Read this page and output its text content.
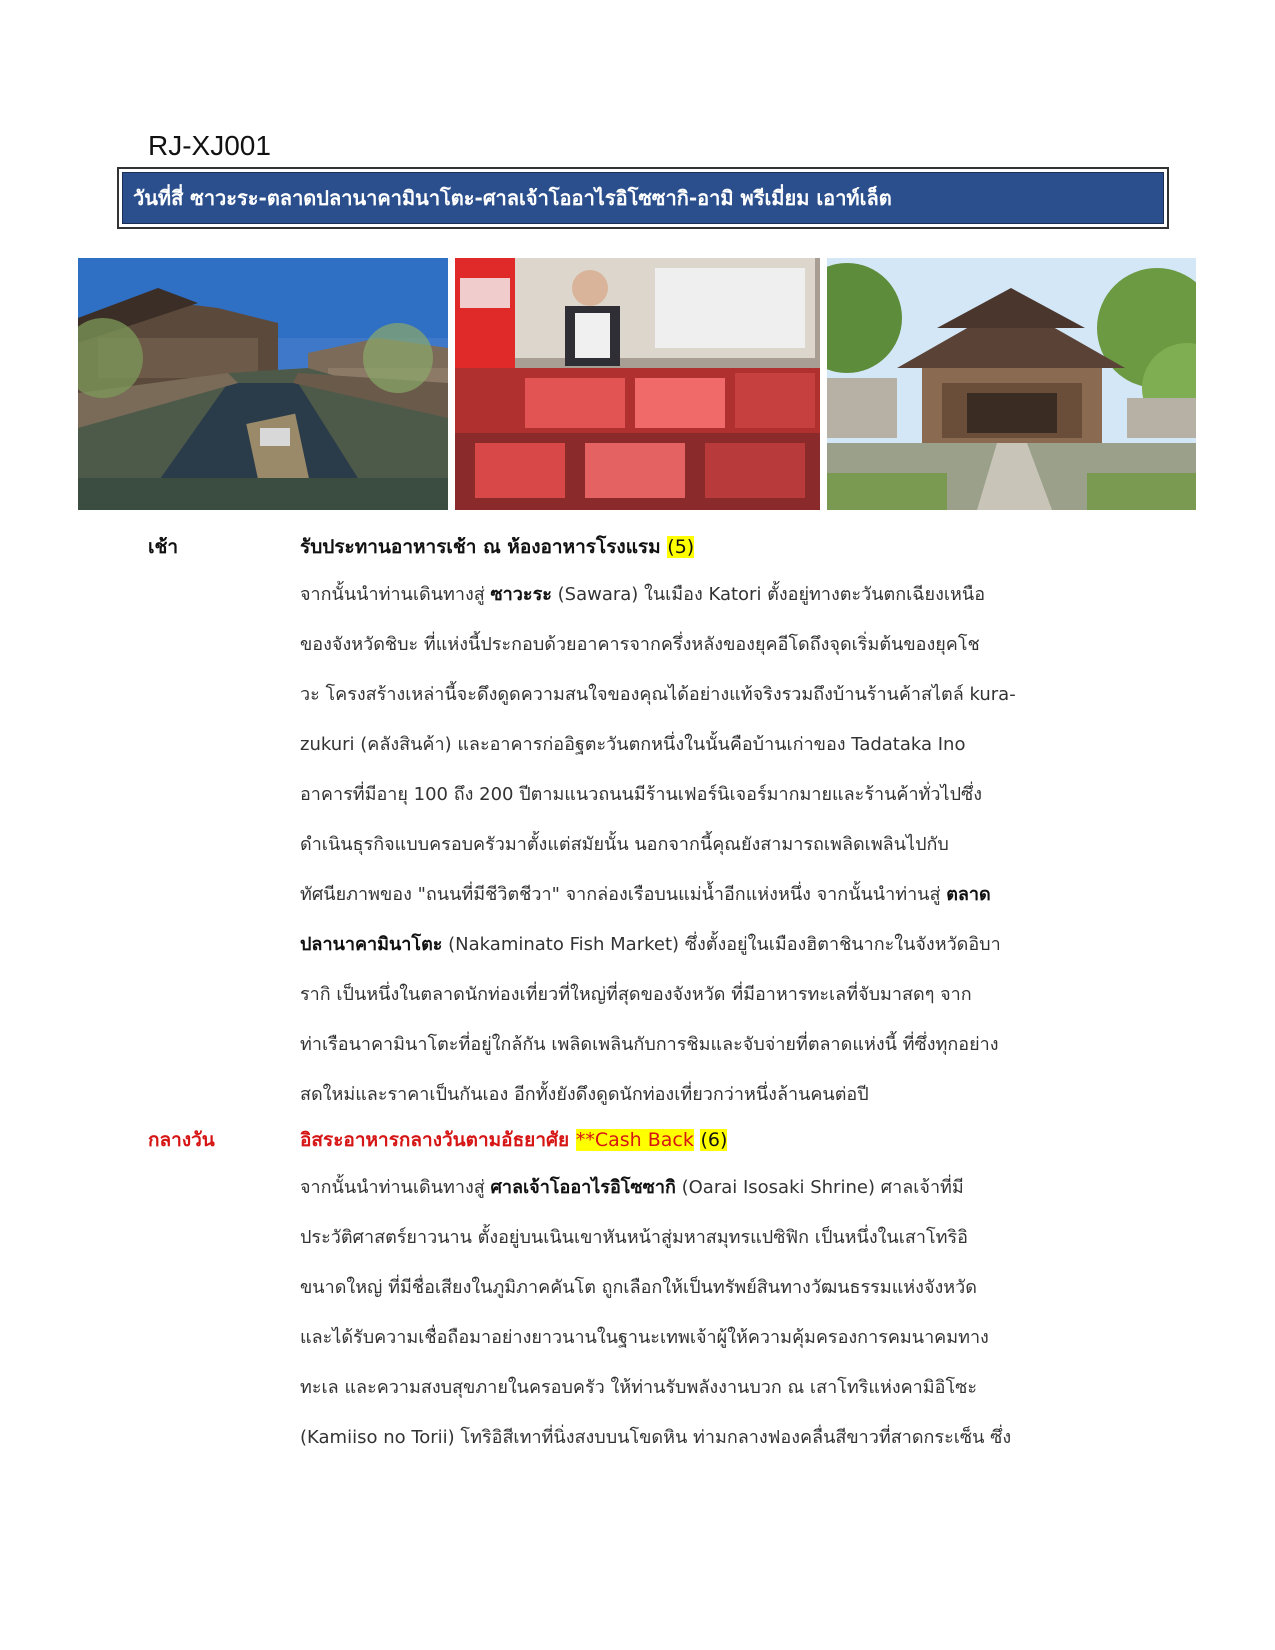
RJ-XJ001
วันที่สี่ ซาวะระ-ตลาดปลานาคามินาโตะ-ศาลเจ้าโออาไรอิโซซากิ-อามิ พรีเมี่ยม เอาท์เล็ต
เช้า	รับประทานอาหารเช้า ณ ห้องอาหารโรงแรม (5)
จากนั้นนำท่านเดินทางสู่ ซาวะระ (Sawara) ในเมือง Katori ตั้งอยู่ทางตะวันตกเฉียงเหนือ
ของจังหวัดชิบะ ที่แห่งนี้ประกอบด้วยอาคารจากครึ่งหลังของยุคอีโดถึงจุดเริ่มต้นของยุคโช
วะ โครงสร้างเหล่านี้จะดึงดูดความสนใจของคุณได้อย่างแท้จริงรวมถึงบ้านร้านค้าสไตล์ kura-
zukuri (คลังสินค้า) และอาคารก่ออิฐตะวันตกหนึ่งในนั้นคือบ้านเก่าของ Tadataka Ino
อาคารที่มีอายุ 100 ถึง 200 ปีตามแนวถนนมีร้านเฟอร์นิเจอร์มากมายและร้านค้าทั่วไปซึ่ง
ดำเนินธุรกิจแบบครอบครัวมาตั้งแต่สมัยนั้น นอกจากนี้คุณยังสามารถเพลิดเพลินไปกับ
ทัศนียภาพของ "ถนนที่มีชีวิตชีวา" จากล่องเรือบนแม่น้ำอีกแห่งหนึ่ง จากนั้นนำท่านสู่ ตลาด
ปลานาคามินาโตะ (Nakaminato Fish Market) ซึ่งตั้งอยู่ในเมืองฮิตาชินากะในจังหวัดอิบา
รากิ เป็นหนึ่งในตลาดนักท่องเที่ยวที่ใหญ่ที่สุดของจังหวัด ที่มีอาหารทะเลที่จับมาสดๆ จาก
ท่าเรือนาคามินาโตะที่อยู่ใกล้กัน เพลิดเพลินกับการชิมและจับจ่ายที่ตลาดแห่งนี้ ที่ซึ่งทุกอย่าง
สดใหม่และราคาเป็นกันเอง อีกทั้งยังดึงดูดนักท่องเที่ยวกว่าหนึ่งล้านคนต่อปี
กลางวัน	อิสระอาหารกลางวันตามอัธยาศัย **Cash Back (6)
จากนั้นนำท่านเดินทางสู่ ศาลเจ้าโออาไรอิโซซากิ (Oarai Isosaki Shrine) ศาลเจ้าที่มี
ประวัติศาสตร์ยาวนาน ตั้งอยู่บนเนินเขาหันหน้าสู่มหาสมุทรแปซิฟิก เป็นหนึ่งในเสาโทริอิ
ขนาดใหญ่ ที่มีชื่อเสียงในภูมิภาคคันโต ถูกเลือกให้เป็นทรัพย์สินทางวัฒนธรรมแห่งจังหวัด
และได้รับความเชื่อถือมาอย่างยาวนานในฐานะเทพเจ้าผู้ให้ความคุ้มครองการคมนาคมทาง
ทะเล และความสงบสุขภายในครอบครัว ให้ท่านรับพลังงานบวก ณ เสาโทริแห่งคามิอิโซะ
(Kamiiso no Torii) โทริอิสีเทาที่นิ่งสงบบนโขดหิน ท่ามกลางฟองคลื่นสีขาวที่สาดกระเซ็น ซึ่ง
